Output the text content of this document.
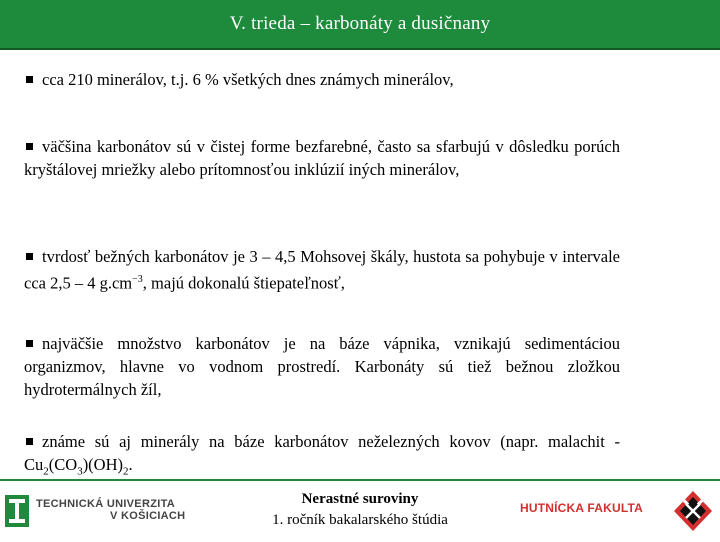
V. trieda – karbonáty a dusičnany
cca 210 minerálov, t.j. 6 % všetkých dnes známych minerálov,
väčšina karbonátov sú v čistej forme bezfarebné, často sa sfarbujú v dôsledku porúch kryštálovej mriežky alebo prítomnosťou inklúzií iných minerálov,
tvrdosť bežných karbonátov je 3 – 4,5 Mohsovej škály, hustota sa pohybuje v intervale cca 2,5 – 4 $g.cm^{-3}$, majú dokonalú štiepateľnosť,
najväčšie množstvo karbonátov je na báze vápnika, vznikajú sedimentáciou organizmov, hlavne vo vodnom prostredí. Karbonáty sú tiež bežnou zložkou hydrotermálnych žíl,
známe sú aj minerály na báze karbonátov neželezných kovov (napr. malachit - $Cu_2(CO_3)(OH)_2$.
TECHNICKÁ UNIVERZITA
V KOŠICIACH
Nerastné suroviny
1. ročník bakalarského štúdia
HUTNÍCKA FAKULTA
